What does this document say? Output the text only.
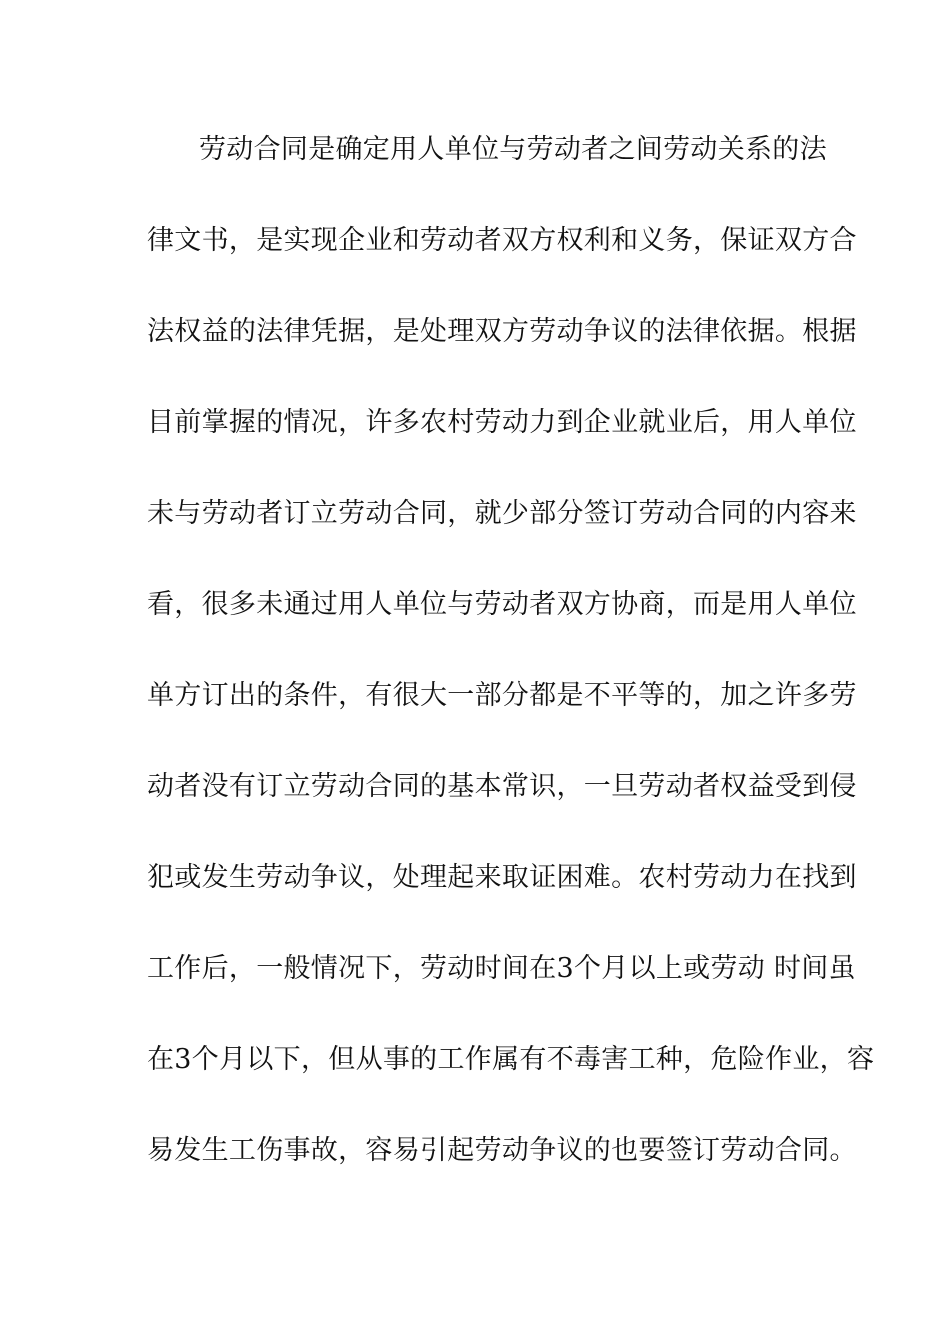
劳动合同是确定用人单位与劳动者之间劳动关系的法
律文书，是实现企业和劳动者双方权利和义务，保证双方合
法权益的法律凭据，是处理双方劳动争议的法律依据。根据
目前掌握的情况，许多农村劳动力到企业就业后，用人单位
未与劳动者订立劳动合同，就少部分签订劳动合同的内容来
看，很多未通过用人单位与劳动者双方协商，而是用人单位
单方订出的条件，有很大一部分都是不平等的，加之许多劳
动者没有订立劳动合同的基本常识，一旦劳动者权益受到侵
犯或发生劳动争议，处理起来取证困难。农村劳动力在找到
工作后，一般情况下，劳动时间在3个月以上或劳动 时间虽
在3个月以下，但从事的工作属有不毒害工种，危险作业，容
易发生工伤事故，容易引起劳动争议的也要签订劳动合同。
